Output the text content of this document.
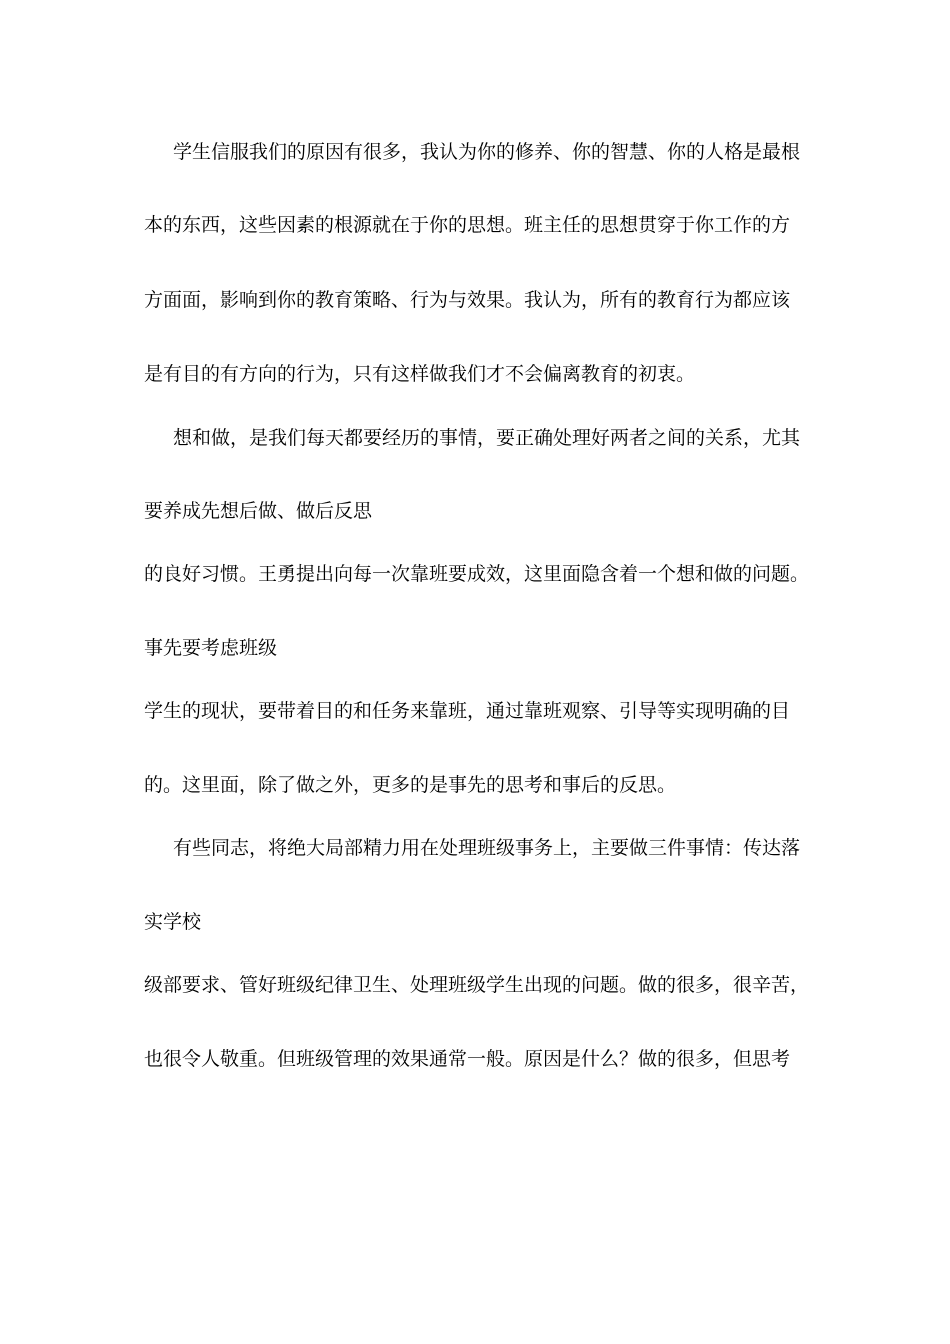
学生信服我们的原因有很多，我认为你的修养、你的智慧、你的人格是最根
本的东西，这些因素的根源就在于你的思想。班主任的思想贯穿于你工作的方
方面面，影响到你的教育策略、行为与效果。我认为，所有的教育行为都应该
是有目的有方向的行为，只有这样做我们才不会偏离教育的初衷。
想和做，是我们每天都要经历的事情，要正确处理好两者之间的关系，尤其
要养成先想后做、做后反思
的良好习惯。王勇提出向每一次靠班要成效，这里面隐含着一个想和做的问题。
事先要考虑班级
学生的现状，要带着目的和任务来靠班，通过靠班观察、引导等实现明确的目
的。这里面，除了做之外，更多的是事先的思考和事后的反思。
有些同志，将绝大局部精力用在处理班级事务上，主要做三件事情：传达落
实学校
级部要求、管好班级纪律卫生、处理班级学生出现的问题。做的很多，很辛苦，
也很令人敬重。但班级管理的效果通常一般。原因是什么？做的很多，但思考
